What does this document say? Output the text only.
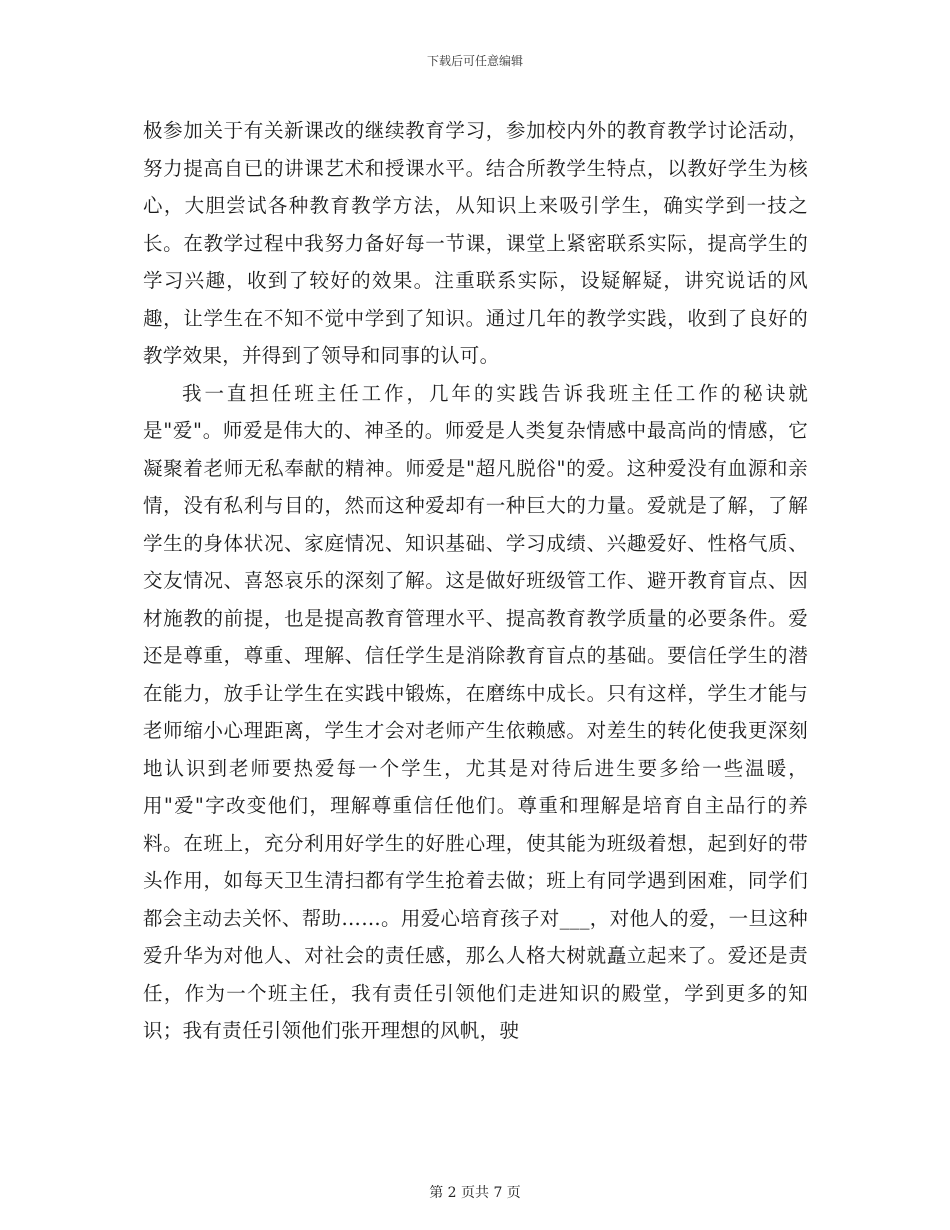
下载后可任意编辑

极参加关于有关新课改的继续教育学习，参加校内外的教育教学讨论活动，努力提高自已的讲课艺术和授课水平。结合所教学生特点，以教好学生为核心，大胆尝试各种教育教学方法，从知识上来吸引学生，确实学到一技之长。在教学过程中我努力备好每一节课，课堂上紧密联系实际，提高学生的学习兴趣，收到了较好的效果。注重联系实际，设疑解疑，讲究说话的风趣，让学生在不知不觉中学到了知识。通过几年的教学实践，收到了良好的教学效果，并得到了领导和同事的认可。

我一直担任班主任工作，几年的实践告诉我班主任工作的秘诀就是"爱"。师爱是伟大的、神圣的。师爱是人类复杂情感中最高尚的情感，它凝聚着老师无私奉献的精神。师爱是"超凡脱俗"的爱。这种爱没有血源和亲情，没有私利与目的，然而这种爱却有一种巨大的力量。爱就是了解，了解学生的身体状况、家庭情况、知识基础、学习成绩、兴趣爱好、性格气质、交友情况、喜怒哀乐的深刻了解。这是做好班级管工作、避开教育盲点、因材施教的前提，也是提高教育管理水平、提高教育教学质量的必要条件。爱还是尊重，尊重、理解、信任学生是消除教育盲点的基础。要信任学生的潜在能力，放手让学生在实践中锻炼，在磨练中成长。只有这样，学生才能与老师缩小心理距离，学生才会对老师产生依赖感。对差生的转化使我更深刻地认识到老师要热爱每一个学生，尤其是对待后进生要多给一些温暖，用"爱"字改变他们，理解尊重信任他们。尊重和理解是培育自主品行的养料。在班上，充分利用好学生的好胜心理，使其能为班级着想，起到好的带头作用，如每天卫生清扫都有学生抢着去做；班上有同学遇到困难，同学们都会主动去关怀、帮助……。用爱心培育孩子对___，对他人的爱，一旦这种爱升华为对他人、对社会的责任感，那么人格大树就矗立起来了。爱还是责任，作为一个班主任，我有责任引领他们走进知识的殿堂，学到更多的知识；我有责任引领他们张开理想的风帆，驶

第 2 页共 7 页
